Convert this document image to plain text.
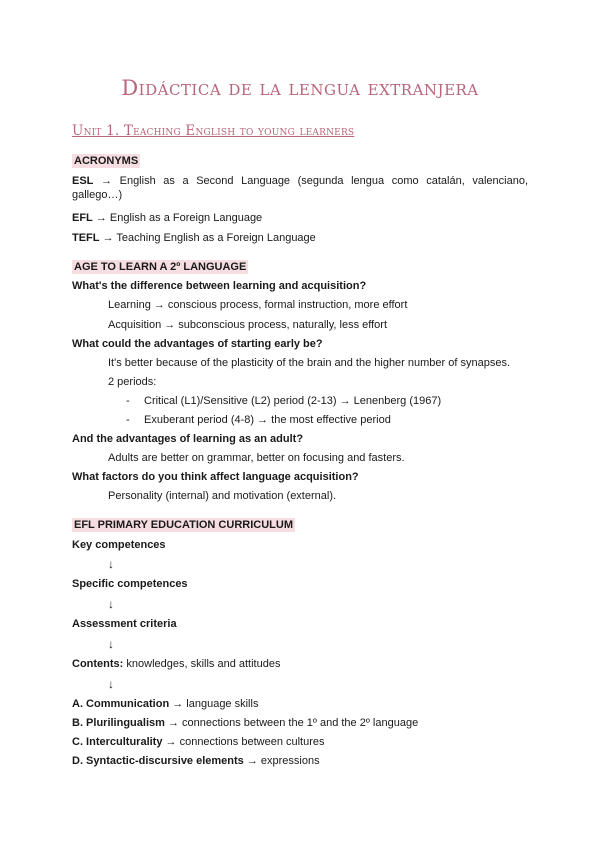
Didáctica de la lengua extranjera
Unit 1. Teaching English to young learners
ACRONYMS
ESL → English as a Second Language (segunda lengua como catalán, valenciano, gallego…)
EFL → English as a Foreign Language
TEFL → Teaching English as a Foreign Language
AGE TO LEARN A 2º LANGUAGE
What's the difference between learning and acquisition?
Learning → conscious process, formal instruction, more effort
Acquisition → subconscious process, naturally, less effort
What could the advantages of starting early be?
It's better because of the plasticity of the brain and the higher number of synapses.
2 periods:
- Critical (L1)/Sensitive (L2) period (2-13) → Lenenberg (1967)
- Exuberant period (4-8) → the most effective period
And the advantages of learning as an adult?
Adults are better on grammar, better on focusing and fasters.
What factors do you think affect language acquisition?
Personality (internal) and motivation (external).
EFL PRIMARY EDUCATION CURRICULUM
Key competences
↓
Specific competences
↓
Assessment criteria
↓
Contents: knowledges, skills and attitudes
↓
A. Communication → language skills
B. Plurilingualism → connections between the 1º and the 2º language
C. Interculturality → connections between cultures
D. Syntactic-discursive elements → expressions
